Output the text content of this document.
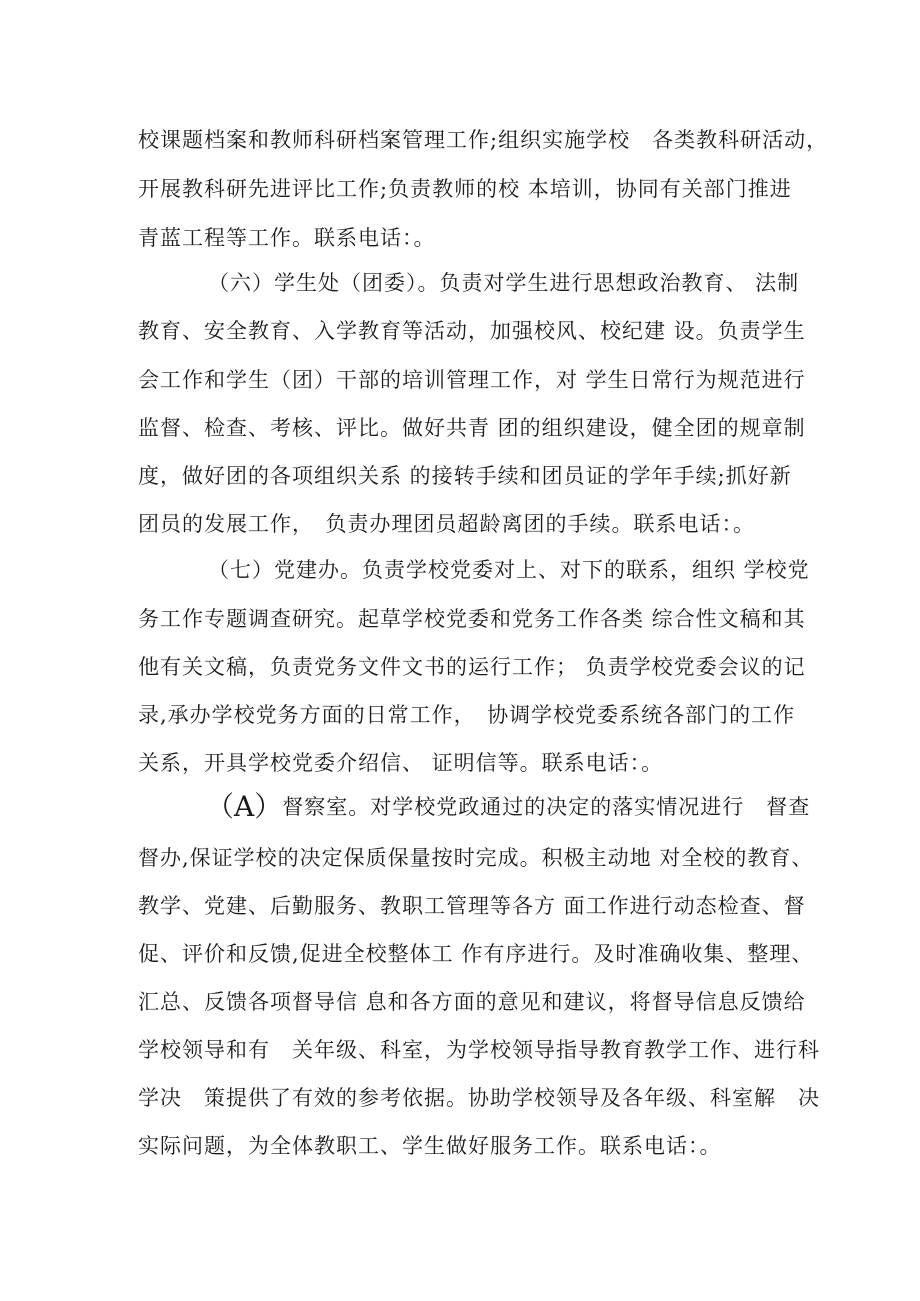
校课题档案和教师科研档案管理工作;组织实施学校　各类教科研活动，
开展教科研先进评比工作;负责教师的校 本培训，协同有关部门推进
青蓝工程等工作。联系电话：。
（六）学生处（团委）。负责对学生进行思想政治教育、 法制
教育、安全教育、入学教育等活动，加强校风、校纪建 设。负责学生
会工作和学生（团）干部的培训管理工作，对 学生日常行为规范进行
监督、检查、考核、评比。做好共青 团的组织建设，健全团的规章制
度，做好团的各项组织关系 的接转手续和团员证的学年手续;抓好新
团员的发展工作，　负责办理团员超龄离团的手续。联系电话：。
（七）党建办。负责学校党委对上、对下的联系，组织 学校党
务工作专题调查研究。起草学校党委和党务工作各类 综合性文稿和其
他有关文稿，负责党务文件文书的运行工作； 负责学校党委会议的记
录,承办学校党务方面的日常工作，　协调学校党委系统各部门的工作
关系，开具学校党委介绍信、 证明信等。联系电话：。
（A）督察室。对学校党政通过的决定的落实情况进行　督查
督办,保证学校的决定保质保量按时完成。积极主动地 对全校的教育、
教学、党建、后勤服务、教职工管理等各方 面工作进行动态检查、督
促、评价和反馈,促进全校整体工 作有序进行。及时准确收集、整理、
汇总、反馈各项督导信 息和各方面的意见和建议，将督导信息反馈给
学校领导和有　关年级、科室，为学校领导指导教育教学工作、进行科
学决　策提供了有效的参考依据。协助学校领导及各年级、科室解　决
实际问题，为全体教职工、学生做好服务工作。联系电话：。
